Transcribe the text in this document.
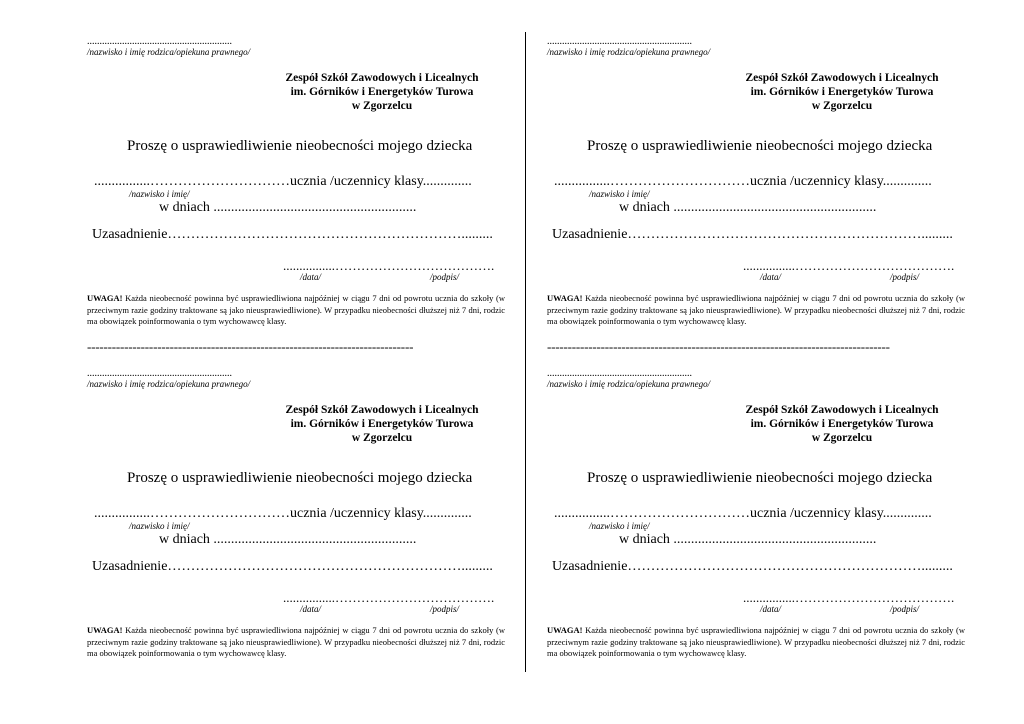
..........................................................
/nazwisko i imię rodzica/opiekuna prawnego/
Zespół Szkół Zawodowych i Licealnych
im. Górników i Energetyków Turowa
w Zgorzelcu
Proszę o usprawiedliwienie nieobecności mojego dziecka
................…………………………ucznia /uczennicy klasy..............
/nazwisko i imię/
w dniach ..........................................................
Uzasadnienie……………………………………………………….........
................……………………………….
/data/	/podpis/
UWAGA! Każda nieobecność powinna być usprawiedliwiona najpóźniej w ciągu 7 dni od powrotu ucznia do szkoły (w przeciwnym razie godziny traktowane są jako nieusprawiedliwione). W przypadku nieobecności dłuższej niż 7 dni, rodzic ma obowiązek poinformowania o tym wychowawcę klasy.
..........................................................
/nazwisko i imię rodzica/opiekuna prawnego/
Zespół Szkół Zawodowych i Licealnych
im. Górników i Energetyków Turowa
w Zgorzelcu
Proszę o usprawiedliwienie nieobecności mojego dziecka
................…………………………ucznia /uczennicy klasy..............
/nazwisko i imię/
w dniach ..........................................................
Uzasadnienie……………………………………………………….........
................……………………………….
/data/	/podpis/
UWAGA! Każda nieobecność powinna być usprawiedliwiona najpóźniej w ciągu 7 dni od powrotu ucznia do szkoły (w przeciwnym razie godziny traktowane są jako nieusprawiedliwione). W przypadku nieobecności dłuższej niż 7 dni, rodzic ma obowiązek poinformowania o tym wychowawcę klasy.
-------------------------------------------------------------------------------	-----------------------------------------------------------------------------------
..........................................................
/nazwisko i imię rodzica/opiekuna prawnego/
Zespół Szkół Zawodowych i Licealnych
im. Górników i Energetyków Turowa
w Zgorzelcu
Proszę o usprawiedliwienie nieobecności mojego dziecka
................…………………………ucznia /uczennicy klasy..............
/nazwisko i imię/
w dniach ..........................................................
Uzasadnienie……………………………………………………….........
................……………………………….
/data/	/podpis/
UWAGA! Każda nieobecność powinna być usprawiedliwiona najpóźniej w ciągu 7 dni od powrotu ucznia do szkoły (w przeciwnym razie godziny traktowane są jako nieusprawiedliwione). W przypadku nieobecności dłuższej niż 7 dni, rodzic ma obowiązek poinformowania o tym wychowawcę klasy.
..........................................................
/nazwisko i imię rodzica/opiekuna prawnego/
Zespół Szkół Zawodowych i Licealnych
im. Górników i Energetyków Turowa
w Zgorzelcu
Proszę o usprawiedliwienie nieobecności mojego dziecka
................…………………………ucznia /uczennicy klasy..............
/nazwisko i imię/
w dniach ..........................................................
Uzasadnienie……………………………………………………….........
................……………………………….
/data/	/podpis/
UWAGA! Każda nieobecność powinna być usprawiedliwiona najpóźniej w ciągu 7 dni od powrotu ucznia do szkoły (w przeciwnym razie godziny traktowane są jako nieusprawiedliwione). W przypadku nieobecności dłuższej niż 7 dni, rodzic ma obowiązek poinformowania o tym wychowawcę klasy.
